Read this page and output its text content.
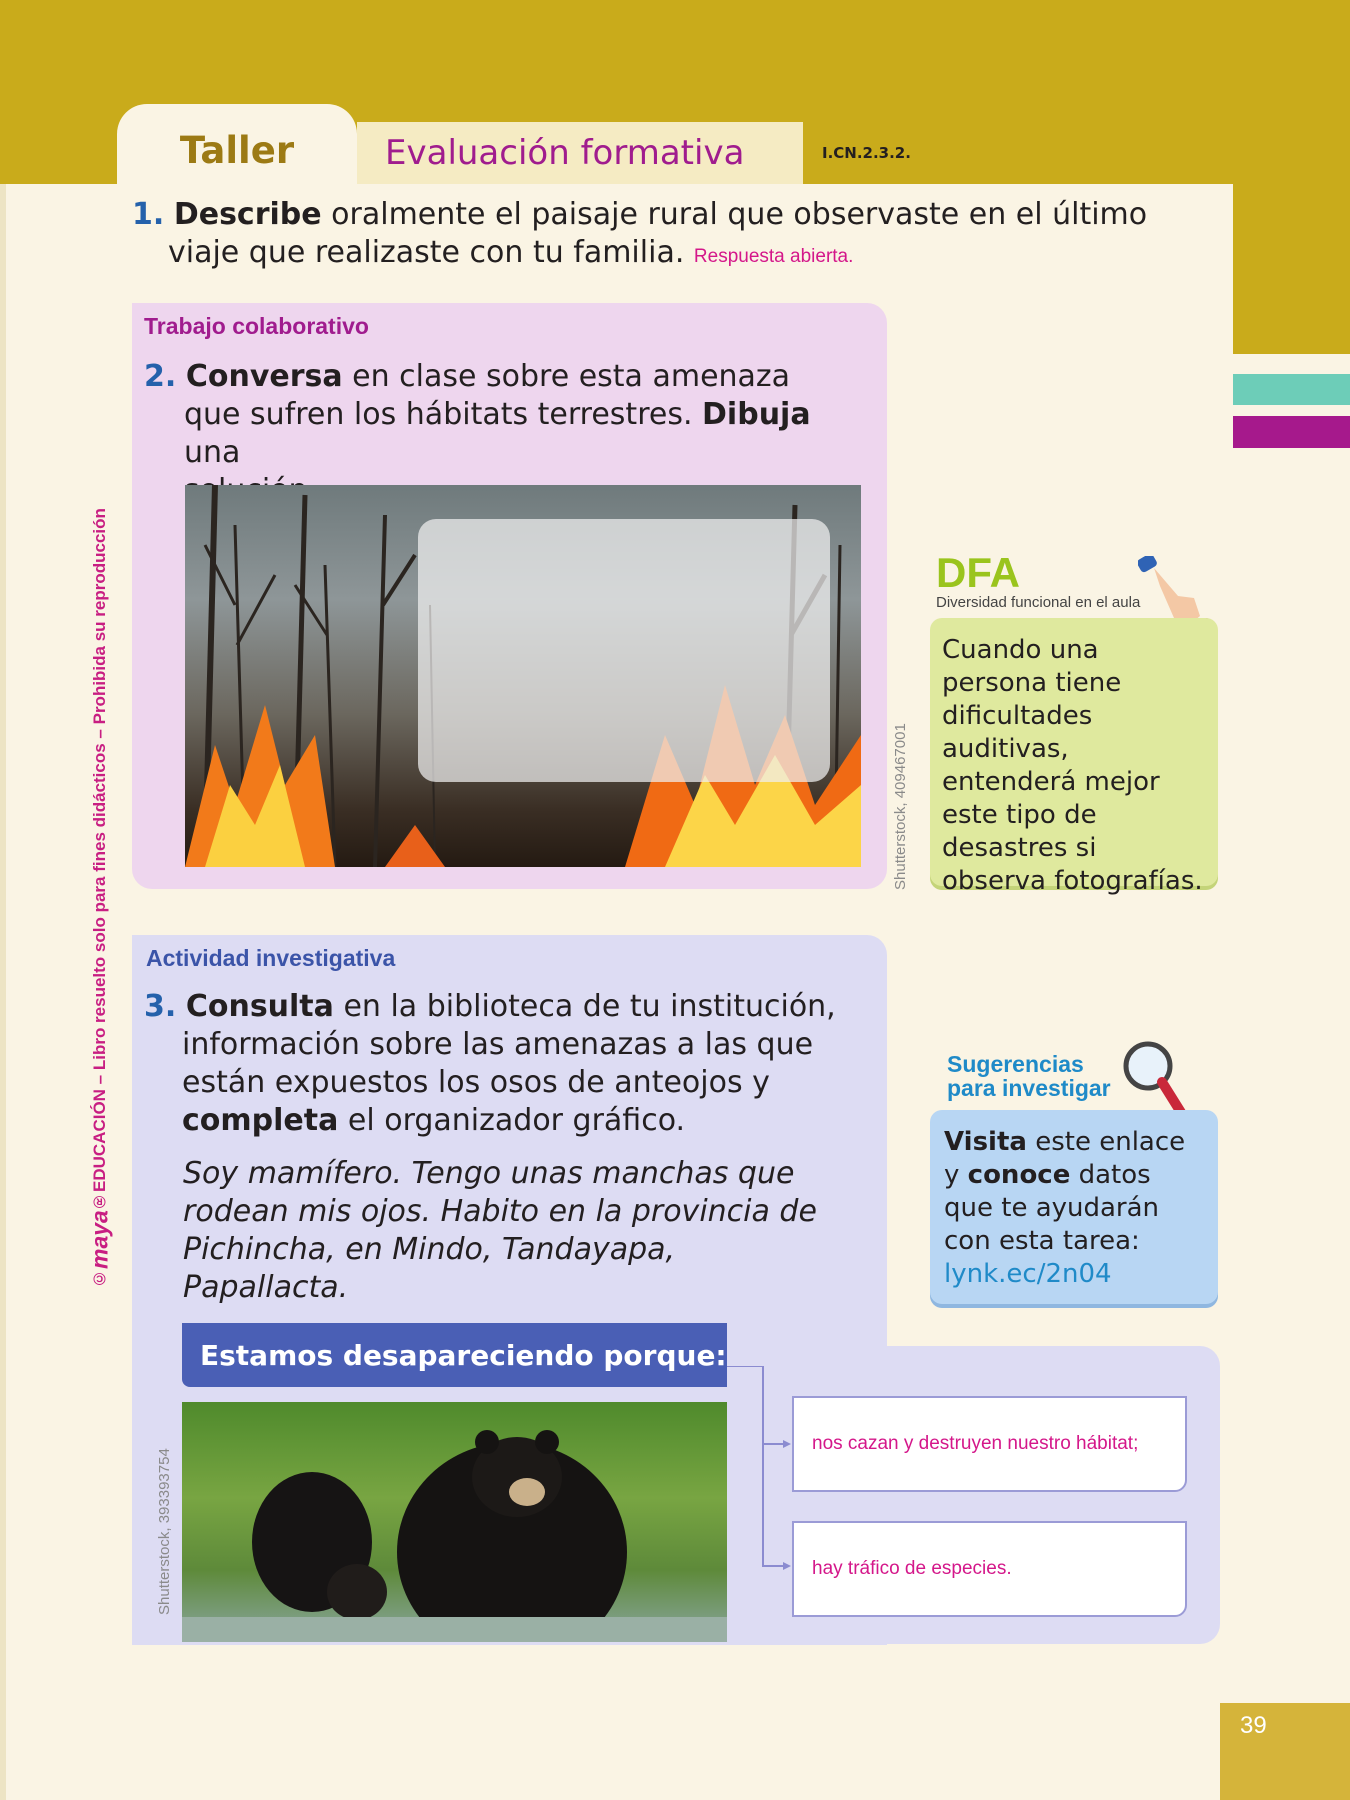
Taller	Evaluación formativa	I.CN.2.3.2.
1. Describe oralmente el paisaje rural que observaste en el último
viaje que realizaste con tu familia. Respuesta abierta.
Trabajo colaborativo
2. Conversa en clase sobre esta amenaza
que sufren los hábitats terrestres. Dibuja una
Shutterstock, 409467001
©
maya
®EDUCACIÓN – Libro resuelto solo para fines didácticos – Prohibida su reproducción	DFA
Diversidad funcional en el aula
Cuando una persona tiene dificultades auditivas, entenderá mejor este tipo de desastres si observa fotografías.
Actividad investigativa
3. Consulta en la biblioteca de tu institución,
información sobre las amenazas a las que
están expuestos los osos de anteojos y
completa el organizador gráfico.
Soy mamífero. Tengo unas manchas que rodean mis ojos. Habito en la provincia de Pichincha, en Mindo, Tandayapa, Papallacta.
Sugerencias
para investigar
Visita este enlace y conoce datos que te ayudarán con esta tarea:
lynk.ec/2n04
Estamos desapareciendo porque:
Shutterstock, 393393754
nos cazan y destruyen nuestro hábitat;
hay tráfico de especies.
39
